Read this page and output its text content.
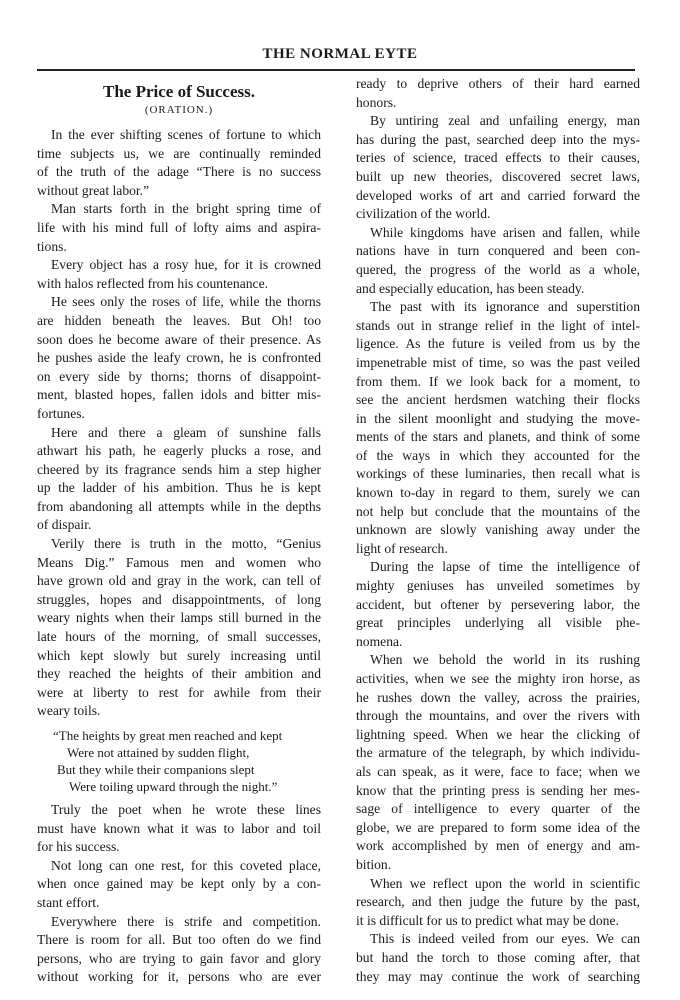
THE NORMAL EYTE
The Price of Success.
(ORATION.)
In the ever shifting scenes of fortune to which
time subjects us, we are continually reminded
of the truth of the adage “There is no success
without great labor.”
Man starts forth in the bright spring time of
life with his mind full of lofty aims and aspira-
tions.
Every object has a rosy hue, for it is crowned
with halos reflected from his countenance.
He sees only the roses of life, while the thorns
are hidden beneath the leaves. But Oh! too
soon does he become aware of their presence. As
he pushes aside the leafy crown, he is confronted
on every side by thorns; thorns of disappoint-
ment, blasted hopes, fallen idols and bitter mis-
fortunes.
Here and there a gleam of sunshine falls
athwart his path, he eagerly plucks a rose, and
cheered by its fragrance sends him a step higher
up the ladder of his ambition. Thus he is kept
from abandoning all attempts while in the depths
of dispair.
Verily there is truth in the motto, “Genius
Means Dig.” Famous men and women who
have grown old and gray in the work, can tell of
struggles, hopes and disappointments, of long
weary nights when their lamps still burned in the
late hours of the morning, of small successes,
which kept slowly but surely increasing until
they reached the heights of their ambition and
were at liberty to rest for awhile from their
weary toils.
“The heights by great men reached and kept
Were not attained by sudden flight,
But they while their companions slept
Were toiling upward through the night.”
Truly the poet when he wrote these lines
must have known what it was to labor and toil
for his success.
Not long can one rest, for this coveted place,
when once gained may be kept only by a con-
stant effort.
Everywhere there is strife and competition.
There is room for all. But too often do we find
persons, who are trying to gain favor and glory
without working for it, persons who are ever
ready to deprive others of their hard earned
honors.
By untiring zeal and unfailing energy, man
has during the past, searched deep into the mys-
teries of science, traced effects to their causes,
built up new theories, discovered secret laws,
developed works of art and carried forward the
civilization of the world.
While kingdoms have arisen and fallen, while
nations have in turn conquered and been con-
quered, the progress of the world as a whole,
and especially education, has been steady.
The past with its ignorance and superstition
stands out in strange relief in the light of intel-
ligence. As the future is veiled from us by the
impenetrable mist of time, so was the past veiled
from them. If we look back for a moment, to
see the ancient herdsmen watching their flocks
in the silent moonlight and studying the move-
ments of the stars and planets, and think of some
of the ways in which they accounted for the
workings of these luminaries, then recall what is
known to-day in regard to them, surely we can
not help but conclude that the mountains of the
unknown are slowly vanishing away under the
light of research.
During the lapse of time the intelligence of
mighty geniuses has unveiled sometimes by
accident, but oftener by persevering labor, the
great principles underlying all visible phe-
nomena.
When we behold the world in its rushing
activities, when we see the mighty iron horse, as
he rushes down the valley, across the prairies,
through the mountains, and over the rivers with
lightning speed. When we hear the clicking of
the armature of the telegraph, by which individu-
als can speak, as it were, face to face; when we
know that the printing press is sending her mes-
sage of intelligence to every quarter of the
globe, we are prepared to form some idea of the
work accomplished by men of energy and am-
bition.
When we reflect upon the world in scientific
research, and then judge the future by the past,
it is difficult for us to predict what may be done.
This is indeed veiled from our eyes. We can
but hand the torch to those coming after, that
they may may continue the work of searching
